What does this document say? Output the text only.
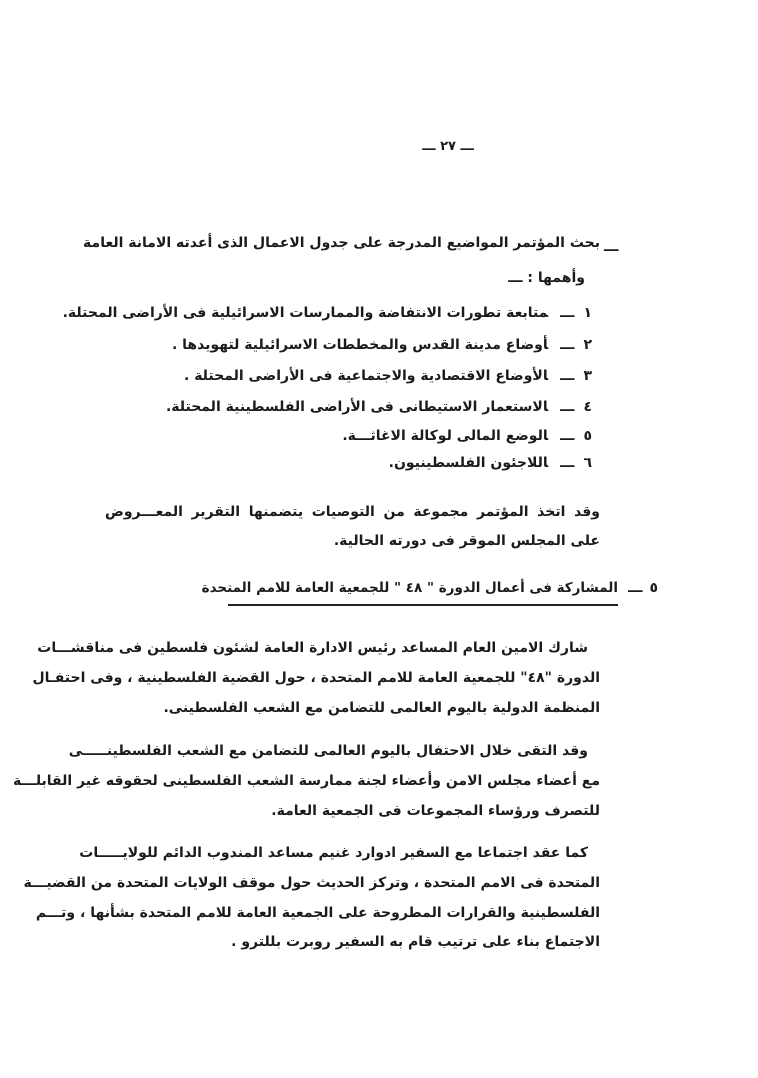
ـــ ٢٧ ـــ
ـــ
بحث المؤتمر المواضيع المدرجة على جدول الاعمال الذى أعدته الامانة العامة
وأهمها : ـــ
١ـــمتابعة تطورات الانتفاضة والممارسات الاسرائيلية فى الأراضى المحتلة.
٢ـــأوضاع مدينة القدس والمخططات الاسرائيلية لتهويدها .
٣ـــالأوضاع الاقتصادية والاجتماعية فى الأراضى المحتلة .
٤ـــالاستعمار الاستيطانى فى الأراضى الفلسطينية المحتلة.
٥ـــالوضع المالى لوكالة الاغاثـــة.
٦ـــاللاجئون الفلسطينيون.
وقد اتخذ المؤتمر مجموعة من التوصيات يتضمنها التقرير المعـــروض
على المجلس الموقر فى دورته الحالية.
٥ـــ
المشاركة فى أعمال الدورة " ٤٨ " للجمعية العامة للامم المتحدة
شارك الامين العام المساعد رئيس الادارة العامة لشئون فلسطين فى مناقشـــات
الدورة "٤٨" للجمعية العامة للامم المتحدة ، حول القضية الفلسطينية ، وفى احتفـال
المنظمة الدولية باليوم العالمى للتضامن مع الشعب الفلسطينى.
وقد التقى خلال الاحتفال باليوم العالمى للتضامن مع الشعب الفلسطينـــــى
مع أعضاء مجلس الامن وأعضاء لجنة ممارسة الشعب الفلسطينى لحقوقه غير القابلـــة
للتصرف ورؤساء المجموعات فى الجمعية العامة.
كما عقد اجتماعا مع السفير ادوارد غنيم مساعد المندوب الدائم للولايـــــات
المتحدة فى الامم المتحدة ، وتركز الحديث حول موقف الولايات المتحدة من القضيـــة
الفلسطينية والقرارات المطروحة على الجمعية العامة للامم المتحدة بشأنها ، وتـــم
الاجتماع بناء على ترتيب قام به السفير روبرت بللترو .
